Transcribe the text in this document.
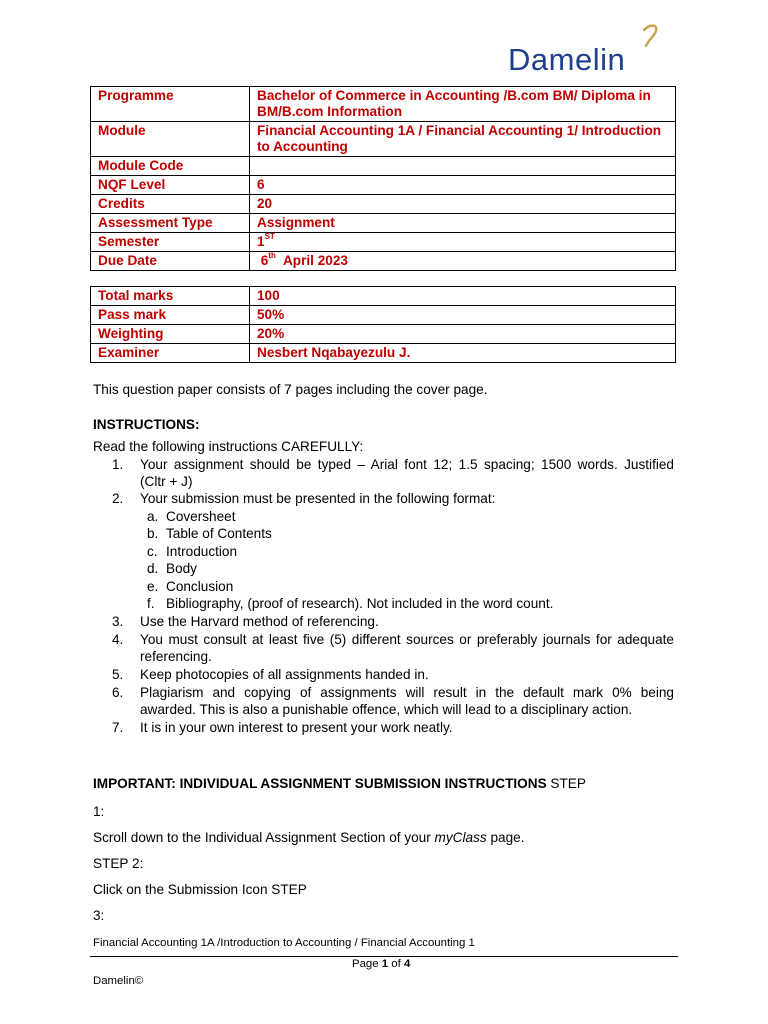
Damelin
Programme	Bachelor of Commerce in Accounting /B.com BM/ Diploma in BM/B.com Information
Module	Financial Accounting 1A / Financial Accounting 1/ Introduction to Accounting
Module Code	
NQF Level	6
Credits	20
Assessment Type	Assignment
Semester	1ST
Due Date	6th  April 2023
Total marks	100
Pass mark	50%
Weighting	20%
Examiner	Nesbert Nqabayezulu J.
This question paper consists of 7 pages including the cover page.
INSTRUCTIONS:
Read the following instructions CAREFULLY:
1. Your assignment should be typed – Arial font 12; 1.5 spacing; 1500 words. Justified
(Cltr + J)
2. Your submission must be presented in the following format:
a. Coversheet
b. Table of Contents
c. Introduction
d. Body
e. Conclusion
f. Bibliography, (proof of research). Not included in the word count.
3. Use the Harvard method of referencing.
4. You must consult at least five (5) different sources or preferably journals for adequate
referencing.
5. Keep photocopies of all assignments handed in.
6. Plagiarism and copying of assignments will result in the default mark 0% being
awarded. This is also a punishable offence, which will lead to a disciplinary action.
7. It is in your own interest to present your work neatly.
IMPORTANT: INDIVIDUAL ASSIGNMENT SUBMISSION INSTRUCTIONS STEP
1:
Scroll down to the Individual Assignment Section of your myClass page.
STEP 2:
Click on the Submission Icon STEP
3:
Financial Accounting 1A /Introduction to Accounting / Financial Accounting 1
Page 1 of 4
Damelin©
